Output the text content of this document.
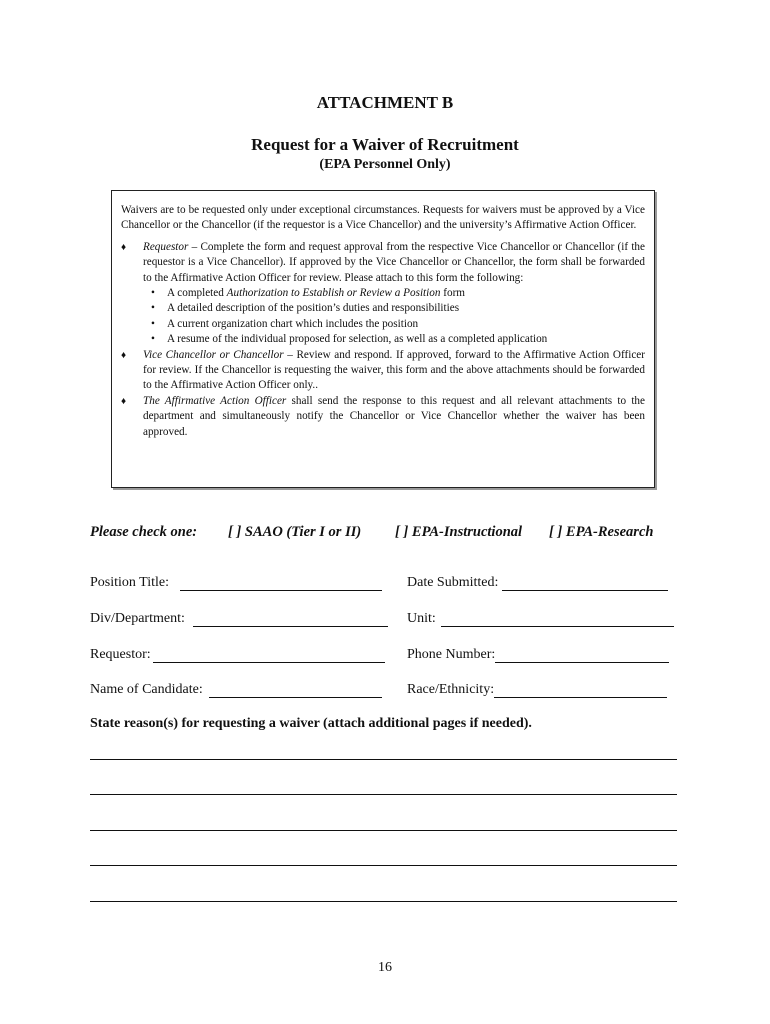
ATTACHMENT B
Request for a Waiver of Recruitment
(EPA Personnel Only)

Waivers are to be requested only under exceptional circumstances. Requests for waivers must be approved by a Vice Chancellor or the Chancellor (if the requestor is a Vice Chancellor) and the university’s Affirmative Action Officer.

♦ Requestor – Complete the form and request approval from the respective Vice Chancellor or Chancellor (if the requestor is a Vice Chancellor). If approved by the Vice Chancellor or Chancellor, the form shall be forwarded to the Affirmative Action Officer for review. Please attach to this form the following:

• A completed Authorization to Establish or Review a Position form

• A detailed description of the position’s duties and responsibilities

• A current organization chart which includes the position

• A resume of the individual proposed for selection, as well as a completed application

♦ Vice Chancellor or Chancellor – Review and respond. If approved, forward to the Affirmative Action Officer for review. If the Chancellor is requesting the waiver, this form and the above attachments should be forwarded to the Affirmative Action Officer only..

♦ The Affirmative Action Officer shall send the response to this request and all relevant attachments to the department and simultaneously notify the Chancellor or Vice Chancellor whether the waiver has been approved.

Please check one: [ ] SAAO (Tier I or II) [ ] EPA-Instructional [ ] EPA-Research
Position Title:	Date Submitted:
Div/Department:	Unit:
Requestor:	Phone Number:
Name of Candidate:	Race/Ethnicity:
State reason(s) for requesting a waiver (attach additional pages if needed).
16
